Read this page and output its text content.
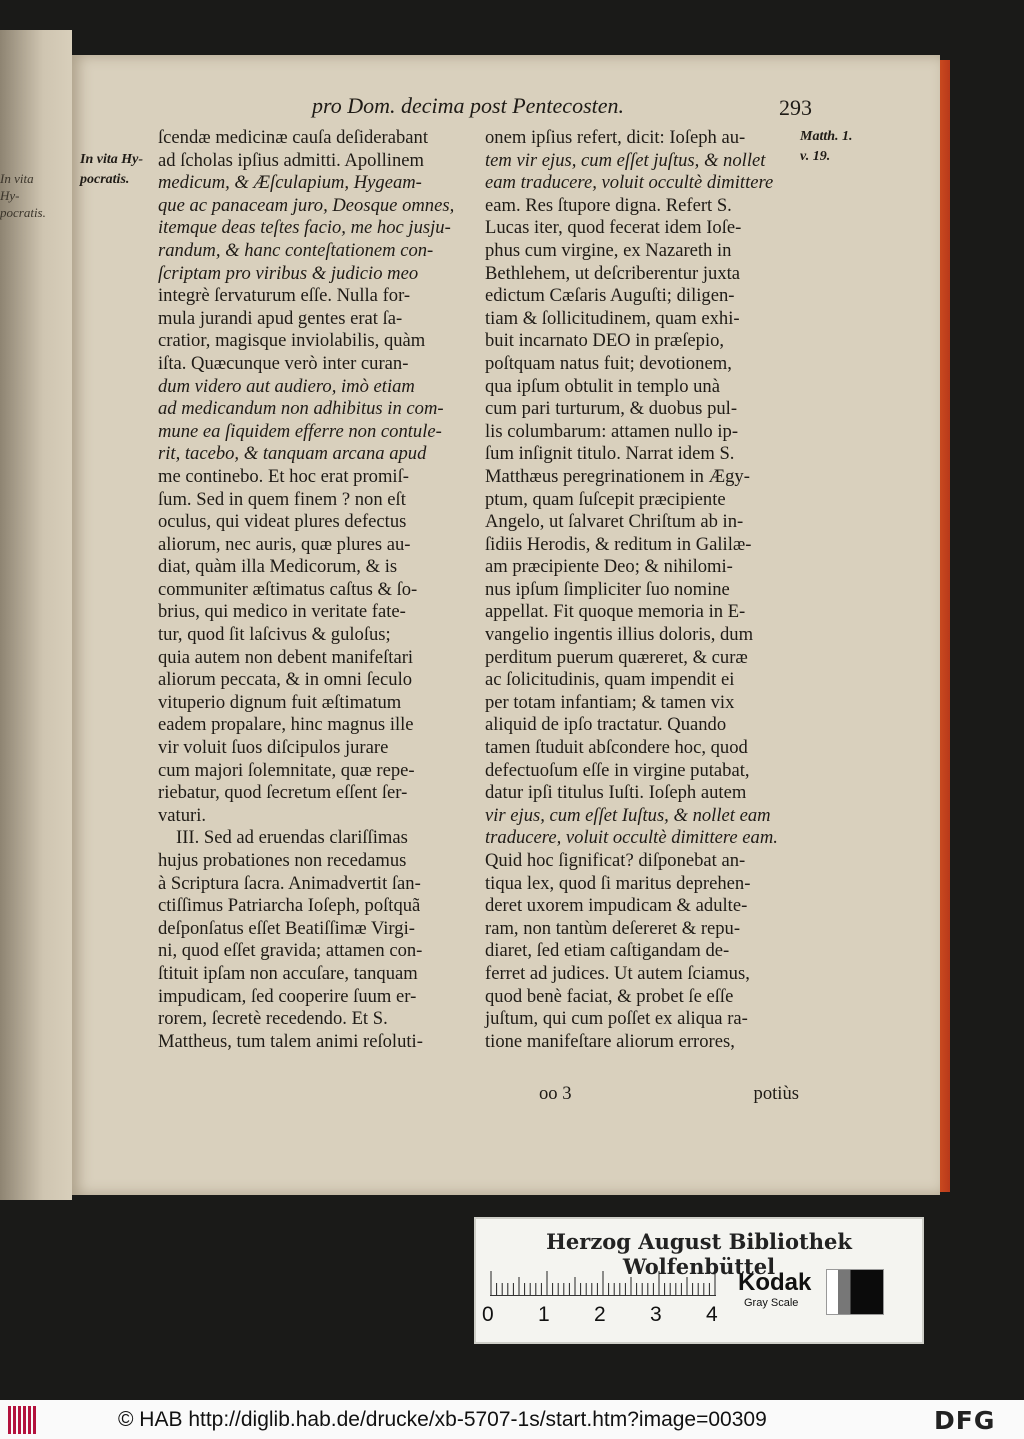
In vita Hy-
pocratis.
pro Dom. decima post Pentecosten.	293
In vita Hy-
pocratis.
Matth. 1.
v. 19.
ſcendæ medicinæ cauſa deſiderabant
ad ſcholas ipſius admitti. Apollinem
medicum, & Æſculapium, Hygeam-
que ac panaceam juro, Deosque omnes,
itemque deas teſtes facio, me hoc jusju-
randum, & hanc conteſtationem con-
ſcriptam pro viribus & judicio meo
integrè ſervaturum eſſe. Nulla for-
mula jurandi apud gentes erat ſa-
cratior, magisque inviolabilis, quàm
iſta. Quæcunque verò inter curan-
dum videro aut audiero, imò etiam
ad medicandum non adhibitus in com-
mune ea ſiquidem efferre non contule-
rit, tacebo, & tanquam arcana apud
me continebo. Et hoc erat promiſ-
ſum. Sed in quem finem ? non eſt
oculus, qui videat plures defectus
aliorum, nec auris, quæ plures au-
diat, quàm illa Medicorum, & is
communiter æſtimatus caſtus & ſo-
brius, qui medico in veritate fate-
tur, quod ſit laſcivus & guloſus;
quia autem non debent manifeſtari
aliorum peccata, & in omni ſeculo
vituperio dignum fuit æſtimatum
eadem propalare, hinc magnus ille
vir voluit ſuos diſcipulos jurare
cum majori ſolemnitate, quæ repe-
riebatur, quod ſecretum eſſent ſer-
vaturi.
III. Sed ad eruendas clariſſimas
hujus probationes non recedamus
à Scriptura ſacra. Animadvertit ſan-
ctiſſimus Patriarcha Ioſeph, poſtquã
deſponſatus eſſet Beatiſſimæ Virgi-
ni, quod eſſet gravida; attamen con-
ſtituit ipſam non accuſare, tanquam
impudicam, ſed cooperire ſuum er-
rorem, ſecretè recedendo. Et S.
Mattheus, tum talem animi reſoluti-
onem ipſius refert, dicit: Ioſeph au-
tem vir ejus, cum eſſet juſtus, & nollet
eam traducere, voluit occultè dimittere
eam. Res ſtupore digna. Refert S.
Lucas iter, quod fecerat idem Ioſe-
phus cum virgine, ex Nazareth in
Bethlehem, ut deſcriberentur juxta
edictum Cæſaris Auguſti; diligen-
tiam & ſollicitudinem, quam exhi-
buit incarnato DEO in præſepio,
poſtquam natus fuit; devotionem,
qua ipſum obtulit in templo unà
cum pari turturum, & duobus pul-
lis columbarum: attamen nullo ip-
ſum inſignit titulo. Narrat idem S.
Matthæus peregrinationem in Ægy-
ptum, quam ſuſcepit præcipiente
Angelo, ut ſalvaret Chriſtum ab in-
ſidiis Herodis, & reditum in Galilæ-
am præcipiente Deo; & nihilomi-
nus ipſum ſimpliciter ſuo nomine
appellat. Fit quoque memoria in E-
vangelio ingentis illius doloris, dum
perditum puerum quæreret, & curæ
ac ſolicitudinis, quam impendit ei
per totam infantiam; & tamen vix
aliquid de ipſo tractatur. Quando
tamen ſtuduit abſcondere hoc, quod
defectuoſum eſſe in virgine putabat,
datur ipſi titulus Iuſti. Ioſeph autem
vir ejus, cum eſſet Iuſtus, & nollet eam
traducere, voluit occultè dimittere eam.
Quid hoc ſignificat? diſponebat an-
tiqua lex, quod ſi maritus deprehen-
deret uxorem impudicam & adulte-
ram, non tantùm deſereret & repu-
diaret, ſed etiam caſtigandam de-
ferret ad judices. Ut autem ſciamus,
quod benè faciat, & probet ſe eſſe
juſtum, qui cum poſſet ex aliqua ra-
tione manifeſtare aliorum errores,
oo 3	potiùs
Herzog August Bibliothek Wolfenbüttel
0 1 2 3 4
Kodak
Gray Scale
© HAB http://diglib.hab.de/drucke/xb-5707-1s/start.htm?image=00309	DFG
